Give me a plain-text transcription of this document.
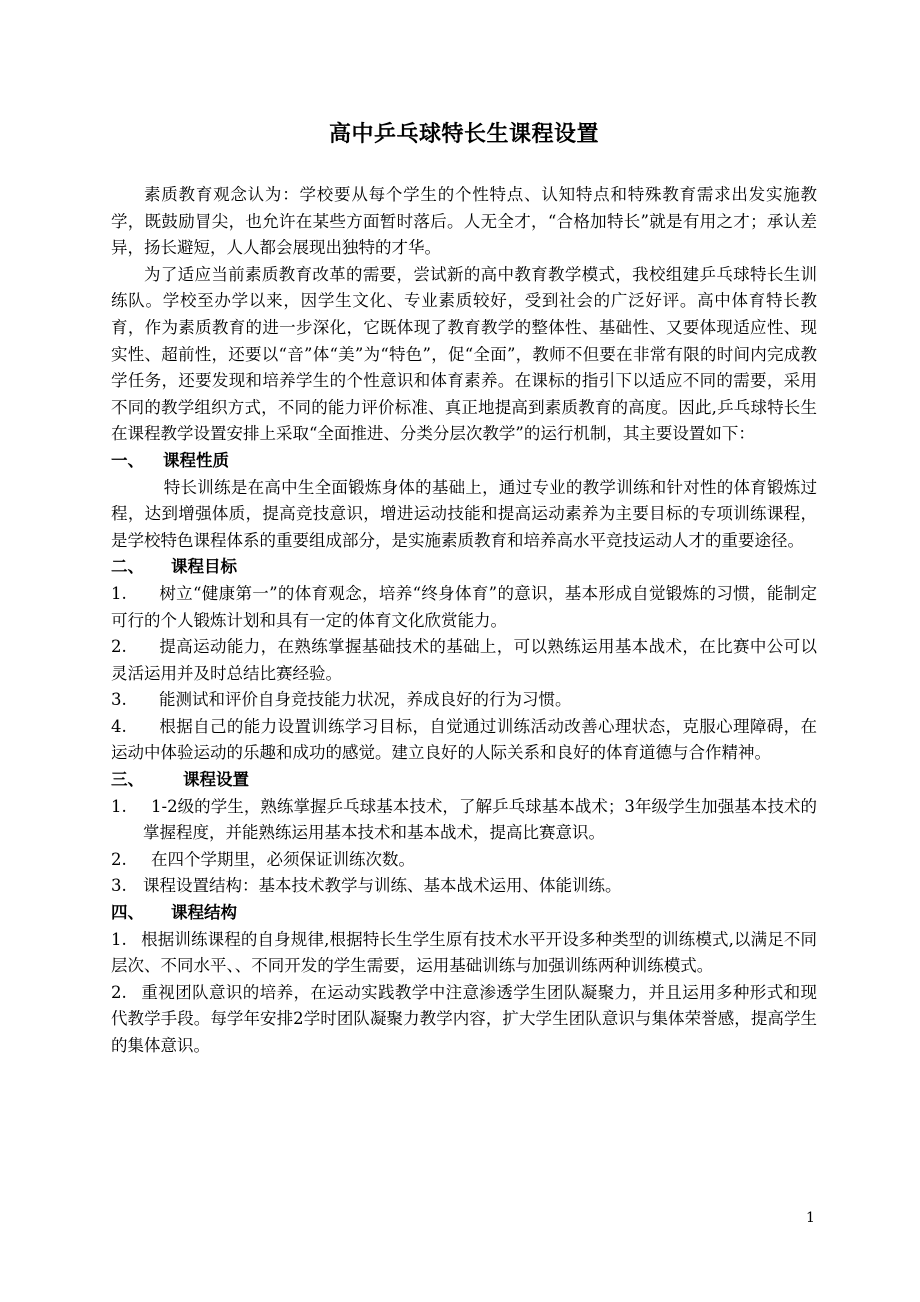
高中乒乓球特长生课程设置

素质教育观念认为：学校要从每个学生的个性特点、认知特点和特殊教育需求出发实施教学，既鼓励冒尖，也允许在某些方面暂时落后。人无全才，“合格加特长”就是有用之才；承认差异，扬长避短，人人都会展现出独特的才华。

为了适应当前素质教育改革的需要，尝试新的高中教育教学模式，我校组建乒乓球特长生训练队。学校至办学以来，因学生文化、专业素质较好，受到社会的广泛好评。高中体育特长教育，作为素质教育的进一步深化，它既体现了教育教学的整体性、基础性、又要体现适应性、现实性、超前性，还要以“音”体“美”为“特色”，促“全面”，教师不但要在非常有限的时间内完成教学任务，还要发现和培养学生的个性意识和体育素养。在课标的指引下以适应不同的需要，采用不同的教学组织方式，不同的能力评价标准、真正地提高到素质教育的高度。因此,乒乓球特长生在课程教学设置安排上采取“全面推进、分类分层次教学”的运行机制，其主要设置如下：

一、 课程性质

特长训练是在高中生全面锻炼身体的基础上，通过专业的教学训练和针对性的体育锻炼过程，达到增强体质，提高竞技意识，增进运动技能和提高运动素养为主要目标的专项训练课程，是学校特色课程体系的重要组成部分，是实施素质教育和培养高水平竞技运动人才的重要途径。

二、 课程目标

1. 树立“健康第一”的体育观念，培养“终身体育”的意识，基本形成自觉锻炼的习惯，能制定可行的个人锻炼计划和具有一定的体育文化欣赏能力。

2. 提高运动能力，在熟练掌握基础技术的基础上，可以熟练运用基本战术，在比赛中公可以灵活运用并及时总结比赛经验。

3. 能测试和评价自身竞技能力状况，养成良好的行为习惯。

4. 根据自己的能力设置训练学习目标，自觉通过训练活动改善心理状态，克服心理障碍，在运动中体验运动的乐趣和成功的感觉。建立良好的人际关系和良好的体育道德与合作精神。

三、 课程设置

1. 1-2级的学生，熟练掌握乒乓球基本技术，了解乒乓球基本战术；3年级学生加强基本技术的掌握程度，并能熟练运用基本技术和基本战术，提高比赛意识。

2. 在四个学期里，必须保证训练次数。

3. 课程设置结构：基本技术教学与训练、基本战术运用、体能训练。

四、 课程结构

1. 根据训练课程的自身规律,根据特长生学生原有技术水平开设多种类型的训练模式,以满足不同层次、不同水平、、不同开发的学生需要，运用基础训练与加强训练两种训练模式。

2. 重视团队意识的培养，在运动实践教学中注意渗透学生团队凝聚力，并且运用多种形式和现代教学手段。每学年安排2学时团队凝聚力教学内容，扩大学生团队意识与集体荣誉感，提高学生的集体意识。

1
